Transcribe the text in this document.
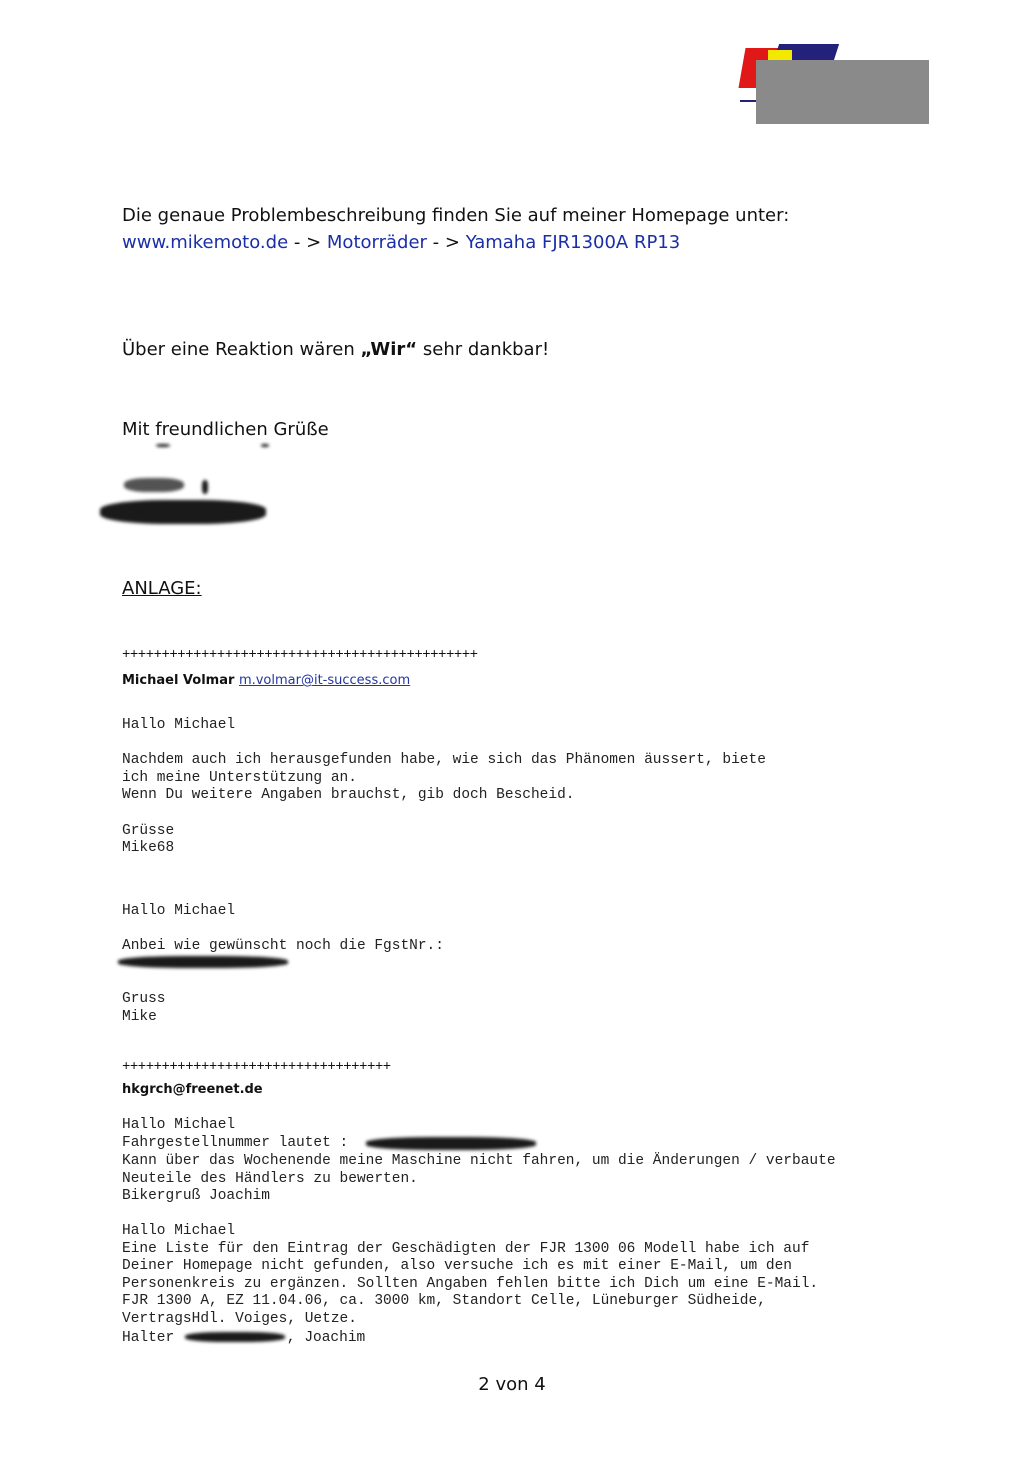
Die genaue Problembeschreibung finden Sie auf meiner Homepage unter:

www.mikemoto.de - > Motorräder - > Yamaha FJR1300A RP13

Über eine Reaktion wären „Wir“ sehr dankbar!

Mit freundlichen Grüße

ANLAGE:

+++++++++++++++++++++++++++++++++++++++++++++

Michael Volmar m.volmar@it-success.com

Hallo Michael

Nachdem auch ich herausgefunden habe, wie sich das Phänomen äussert, biete
ich meine Unterstützung an.
Wenn Du weitere Angaben brauchst, gib doch Bescheid.

Grüsse
Mike68

Hallo Michael

Anbei wie gewünscht noch die FgstNr.:

Gruss
Mike

++++++++++++++++++++++++++++++++++

hkgrch@freenet.de

Hallo Michael

Fahrgestellnummer lautet :

Kann über das Wochenende meine Maschine nicht fahren, um die Änderungen / verbaute
Neuteile des Händlers zu bewerten.
Bikergruß Joachim

Hallo Michael
Eine Liste für den Eintrag der Geschädigten der FJR 1300 06 Modell habe ich auf
Deiner Homepage nicht gefunden, also versuche ich es mit einer E-Mail, um den
Personenkreis zu ergänzen. Sollten Angaben fehlen bitte ich Dich um eine E-Mail.
FJR 1300 A, EZ 11.04.06, ca. 3000 km, Standort Celle, Lüneburger Südheide,
VertragsHdl. Voiges, Uetze.

Halter	, Joachim

2 von 4
